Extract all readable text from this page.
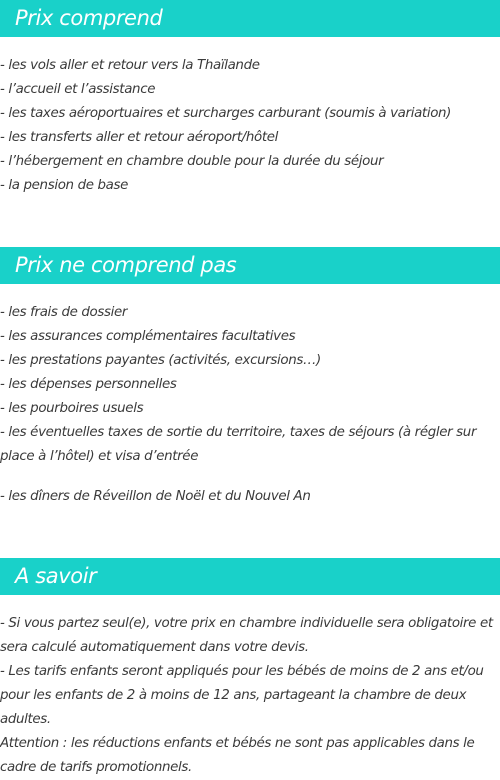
Prix comprend
- les vols aller et retour vers la Thaïlande
- l’accueil et l’assistance
- les taxes aéroportuaires et surcharges carburant (soumis à variation)
- les transferts aller et retour aéroport/hôtel
- l’hébergement en chambre double pour la durée du séjour
- la pension de base
Prix ne comprend pas
- les frais de dossier
- les assurances complémentaires facultatives
- les prestations payantes (activités, excursions…)
- les dépenses personnelles
- les pourboires usuels
- les éventuelles taxes de sortie du territoire, taxes de séjours (à régler sur place à l’hôtel) et visa d’entrée

- les dîners de Réveillon de Noël et du Nouvel An

A savoir

- Si vous partez seul(e), votre prix en chambre individuelle sera obligatoire et sera calculé automatiquement dans votre devis.

- Les tarifs enfants seront appliqués pour les bébés de moins de 2 ans et/ou pour les enfants de 2 à moins de 12 ans, partageant la chambre de deux adultes.

Attention : les réductions enfants et bébés ne sont pas applicables dans le cadre de tarifs promotionnels.
